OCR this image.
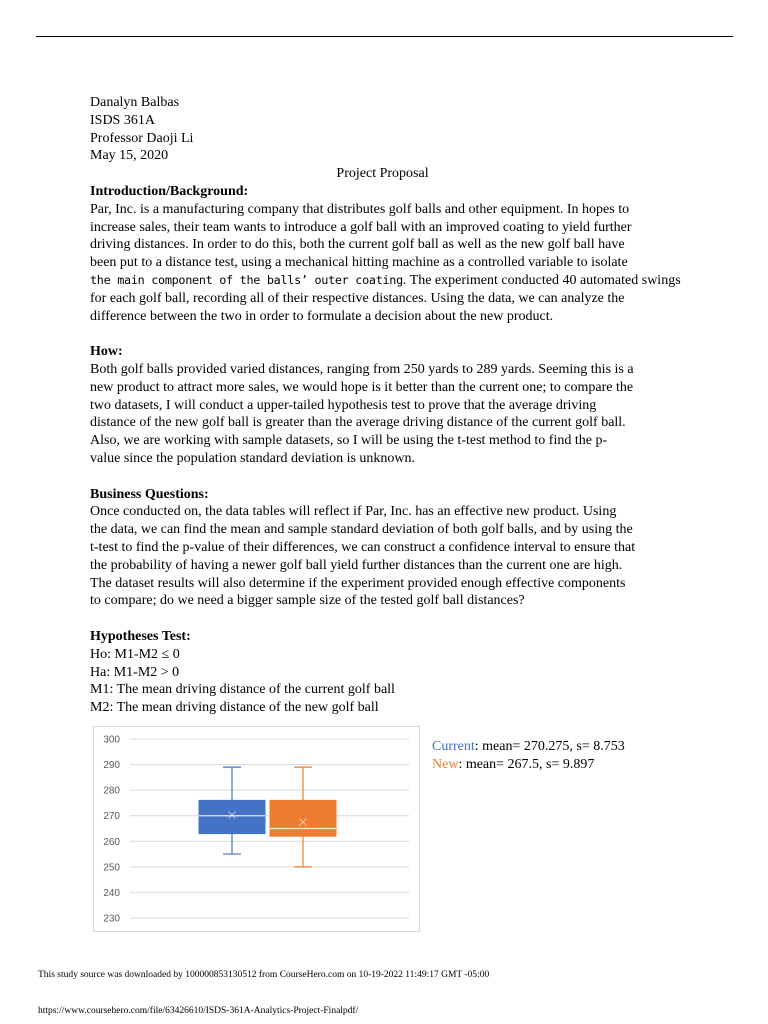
Danalyn Balbas
ISDS 361A
Professor Daoji Li
May 15, 2020
Project Proposal
Introduction/Background:
Par, Inc. is a manufacturing company that distributes golf balls and other equipment. In hopes to
increase sales, their team wants to introduce a golf ball with an improved coating to yield further
driving distances. In order to do this, both the current golf ball as well as the new golf ball have
been put to a distance test, using a mechanical hitting machine as a controlled variable to isolate
the main component of the balls’ outer coating. The experiment conducted 40 automated swings
for each golf ball, recording all of their respective distances. Using the data, we can analyze the
difference between the two in order to formulate a decision about the new product.
How:
Both golf balls provided varied distances, ranging from 250 yards to 289 yards. Seeming this is a
new product to attract more sales, we would hope is it better than the current one; to compare the
two datasets, I will conduct a upper-tailed hypothesis test to prove that the average driving
distance of the new golf ball is greater than the average driving distance of the current golf ball.
Also, we are working with sample datasets, so I will be using the t-test method to find the p-
value since the population standard deviation is unknown.
Business Questions:
Once conducted on, the data tables will reflect if Par, Inc. has an effective new product. Using
the data, we can find the mean and sample standard deviation of both golf balls, and by using the
t-test to find the p-value of their differences, we can construct a confidence interval to ensure that
the probability of having a newer golf ball yield further distances than the current one are high.
The dataset results will also determine if the experiment provided enough effective components
to compare; do we need a bigger sample size of the tested golf ball distances?
Hypotheses Test:
Ho: M1-M2 ≤ 0
Ha: M1-M2 > 0
M1: The mean driving distance of the current golf ball
M2: The mean driving distance of the new golf ball
300
290
280
270
260
250
240
230
Current: mean= 270.275, s= 8.753
New: mean= 267.5, s= 9.897
This study source was downloaded by 100000853130512 from CourseHero.com on 10-19-2022 11:49:17 GMT -05:00
https://www.coursehero.com/file/63426610/ISDS-361A-Analytics-Project-Finalpdf/
